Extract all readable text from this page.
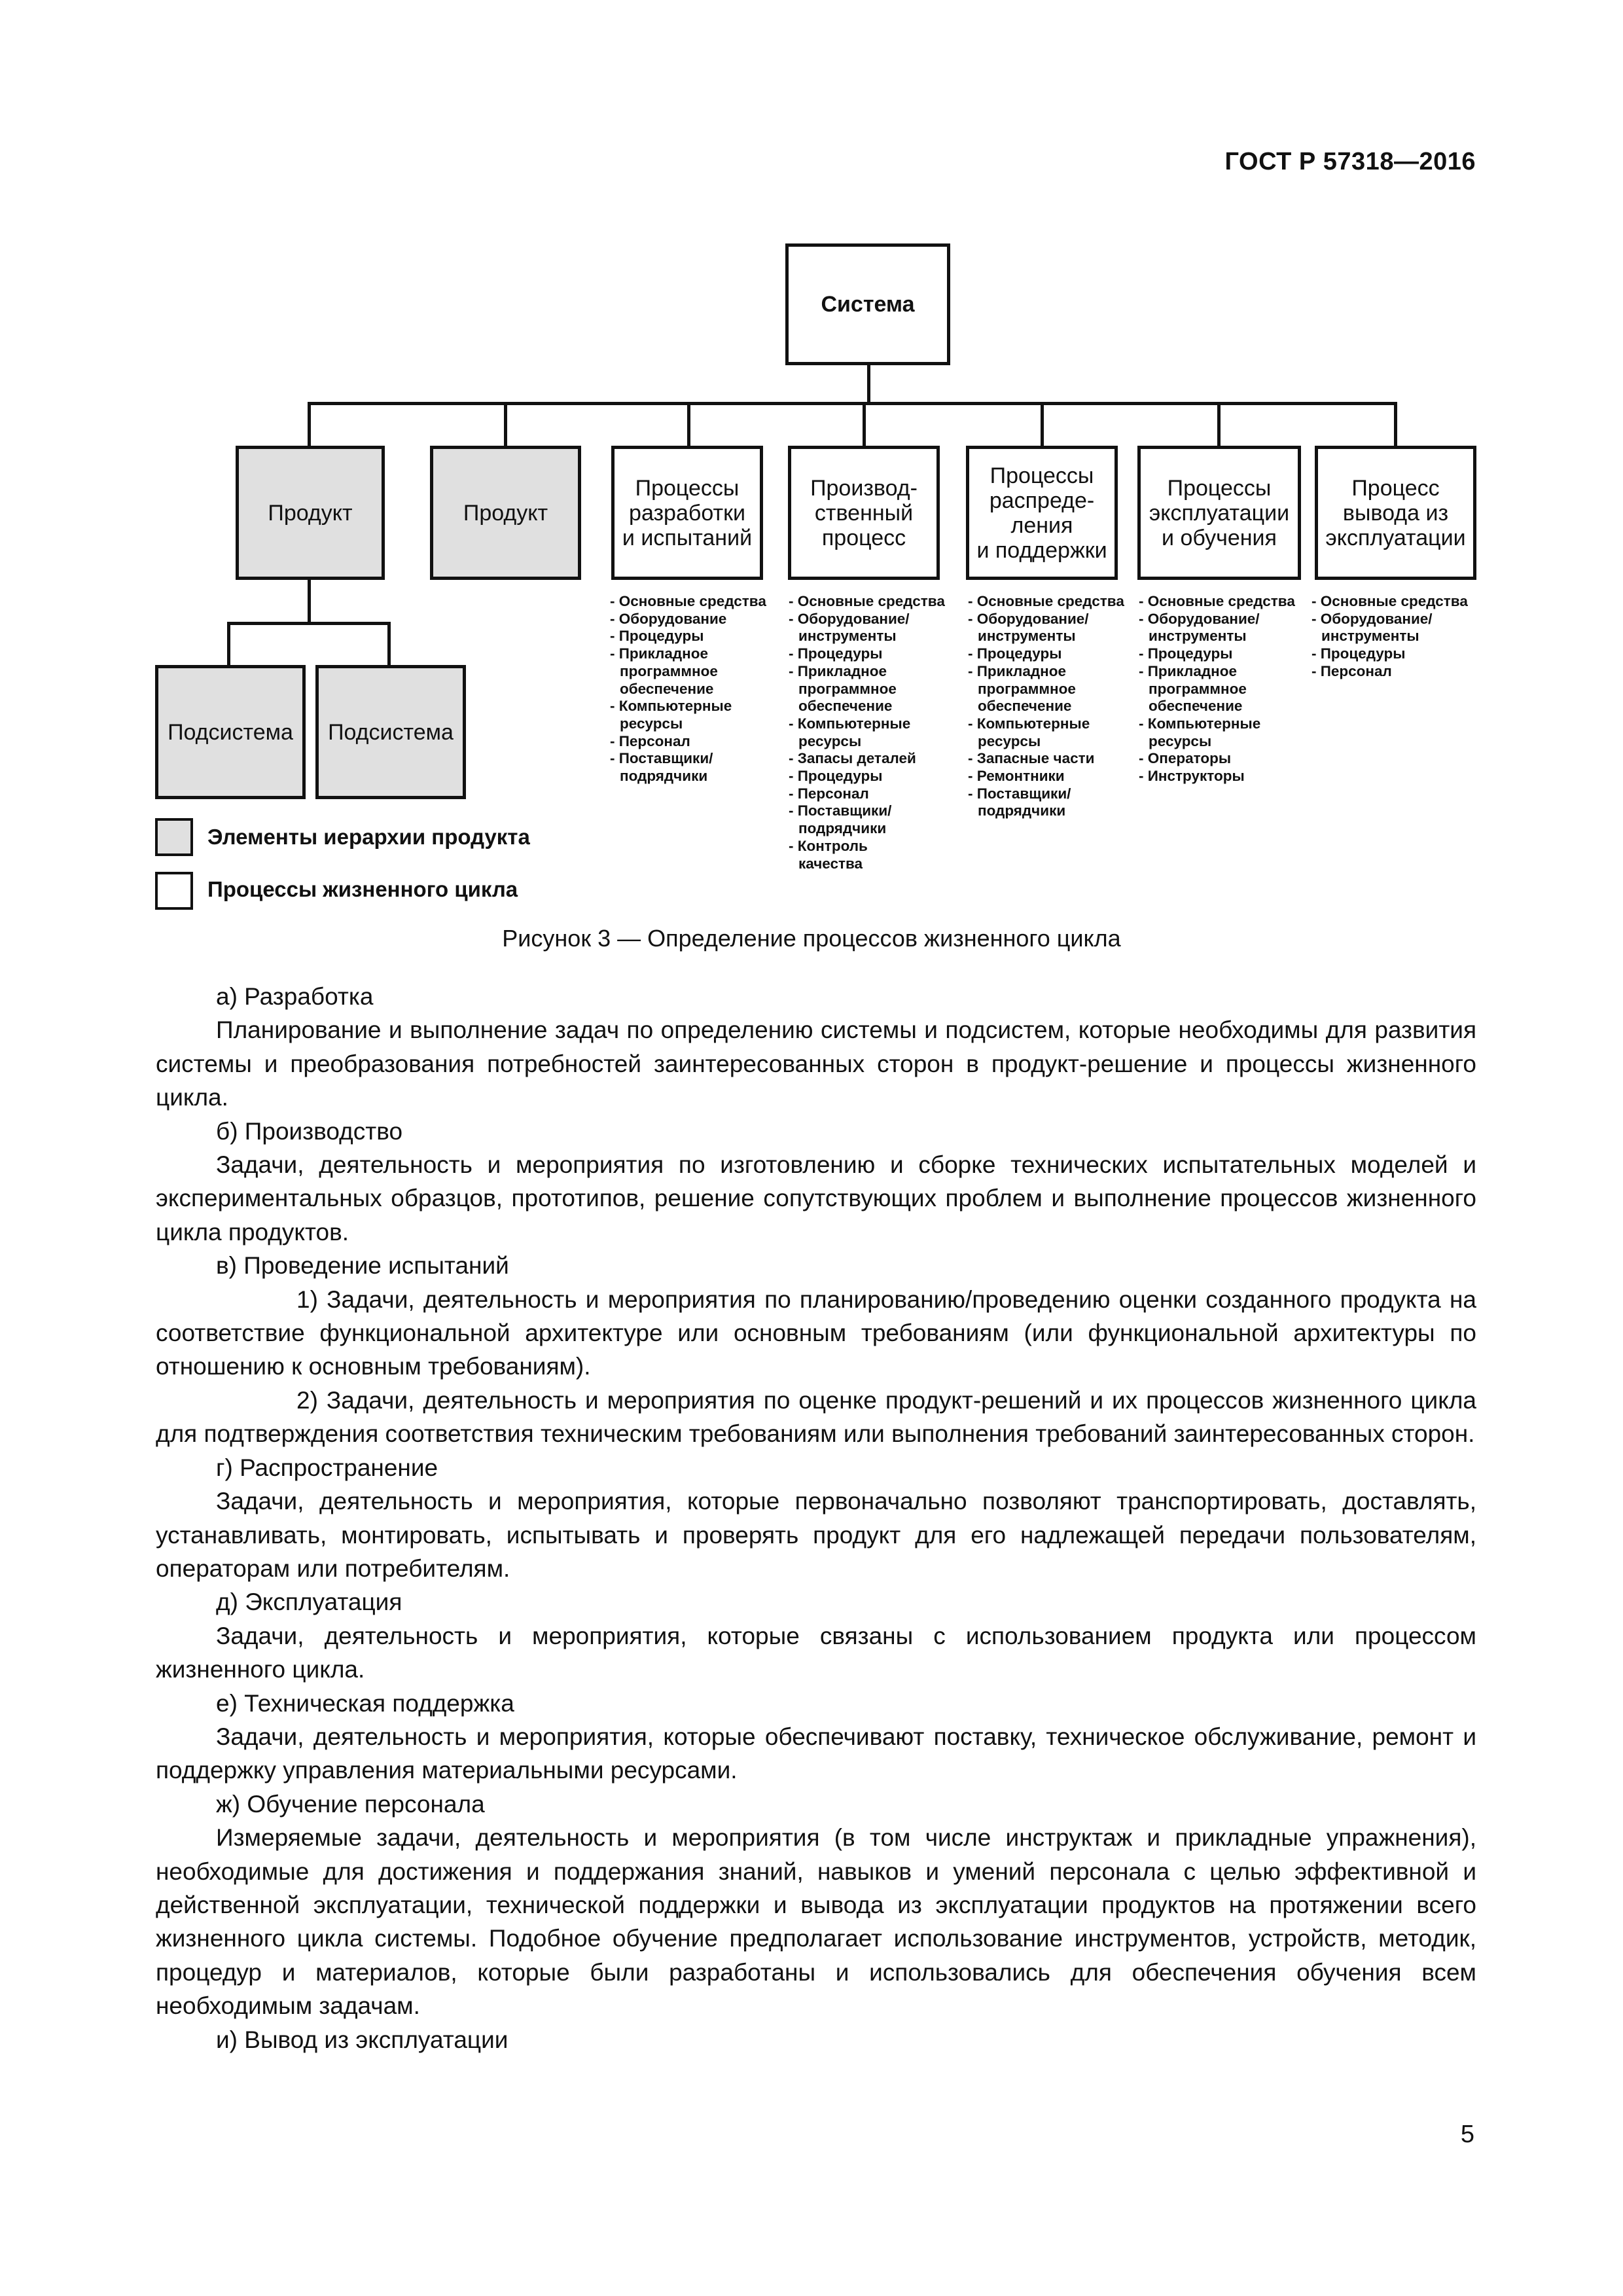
ГОСТ Р 57318—2016
Система
Продукт	Продукт
Подсистема	Подсистема
Процессы
разработки
и испытаний
Производ-
ственный
процесс
Процессы
распреде-
ления
и поддержки
Процессы
эксплуатации
и обучения
Процесс
вывода из
эксплуатации
- Основные средства
- Оборудование
- Процедуры
- Прикладное
программное
обеспечение
- Компьютерные
ресурсы
- Персонал
- Поставщики/
подрядчики
- Основные средства
- Оборудование/
инструменты
- Процедуры
- Прикладное
программное
обеспечение
- Компьютерные
ресурсы
- Запасы деталей
- Процедуры
- Персонал
- Поставщики/
подрядчики
- Контроль
качества
- Основные средства
- Оборудование/
инструменты
- Процедуры
- Прикладное
программное
обеспечение
- Компьютерные
ресурсы
- Запасные части
- Ремонтники
- Поставщики/
подрядчики
- Основные средства
- Оборудование/
инструменты
- Процедуры
- Прикладное
программное
обеспечение
- Компьютерные
ресурсы
- Операторы
- Инструкторы
- Основные средства
- Оборудование/
инструменты
- Процедуры
- Персонал
Элементы иерархии продукта
Процессы жизненного цикла
Рисунок 3 — Определение процессов жизненного цикла

а) Разработка

Планирование и выполнение задач по определению системы и подсистем, которые необходимы для развития системы и преобразования потребностей заинтересованных сторон в продукт-решение и процессы жизненного цикла.

б) Производство

Задачи, деятельность и мероприятия по изготовлению и сборке технических испытательных моделей и экспериментальных образцов, прототипов, решение сопутствующих проблем и выполнение процессов жизненного цикла продуктов.

в) Проведение испытаний

1) Задачи, деятельность и мероприятия по планированию/проведению оценки созданного продукта на соответствие функциональной архитектуре или основным требованиям (или функциональной архитектуры по отношению к основным требованиям).

2) Задачи, деятельность и мероприятия по оценке продукт-решений и их процессов жизненного цикла для подтверждения соответствия техническим требованиям или выполнения требований заинтересованных сторон.

г) Распространение

Задачи, деятельность и мероприятия, которые первоначально позволяют транспортировать, доставлять, устанавливать, монтировать, испытывать и проверять продукт для его надлежащей передачи пользователям, операторам или потребителям.

д) Эксплуатация

Задачи, деятельность и мероприятия, которые связаны с использованием продукта или процессом жизненного цикла.

е) Техническая поддержка

Задачи, деятельность и мероприятия, которые обеспечивают поставку, техническое обслуживание, ремонт и поддержку управления материальными ресурсами.

ж) Обучение персонала

Измеряемые задачи, деятельность и мероприятия (в том числе инструктаж и прикладные упражнения), необходимые для достижения и поддержания знаний, навыков и умений персонала с целью эффективной и действенной эксплуатации, технической поддержки и вывода из эксплуатации продуктов на протяжении всего жизненного цикла системы. Подобное обучение предполагает использование инструментов, устройств, методик, процедур и материалов, которые были разработаны и использовались для обеспечения обучения всем необходимым задачам.

и) Вывод из эксплуатации

5
